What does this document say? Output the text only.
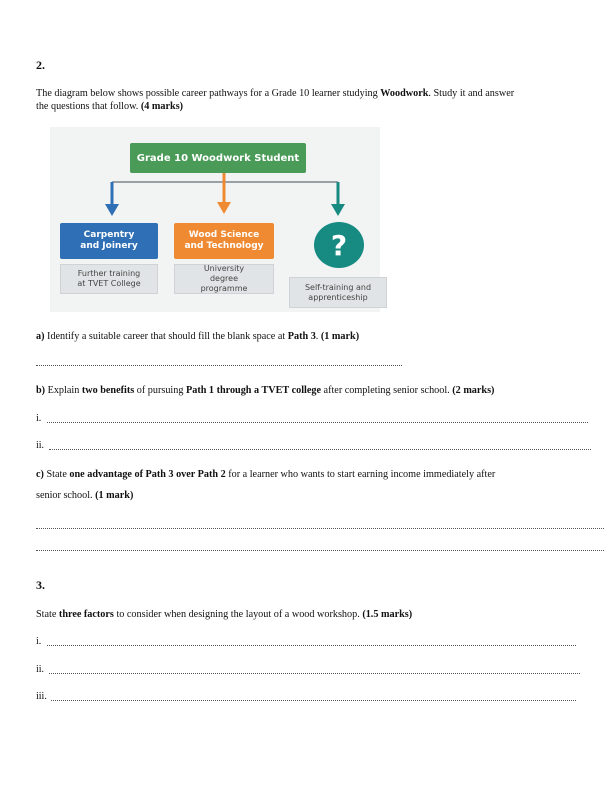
2.
The diagram below shows possible career pathways for a Grade 10 learner studying Woodwork. Study it and answer
the questions that follow. (4 marks)
Grade 10 Woodwork Student
Carpentry and Joinery
Wood Science and Technology	?
Further training at TVET College
University degree programme	Self-training and apprenticeship
a) Identify a suitable career that should fill the blank space at Path 3. (1 mark)
b) Explain two benefits of pursuing Path 1 through a TVET college after completing senior school. (2 marks)
i.
ii.
c) State one advantage of Path 3 over Path 2 for a learner who wants to start earning income immediately after
senior school. (1 mark)
3.
State three factors to consider when designing the layout of a wood workshop. (1.5 marks)
i.
ii.
iii.
